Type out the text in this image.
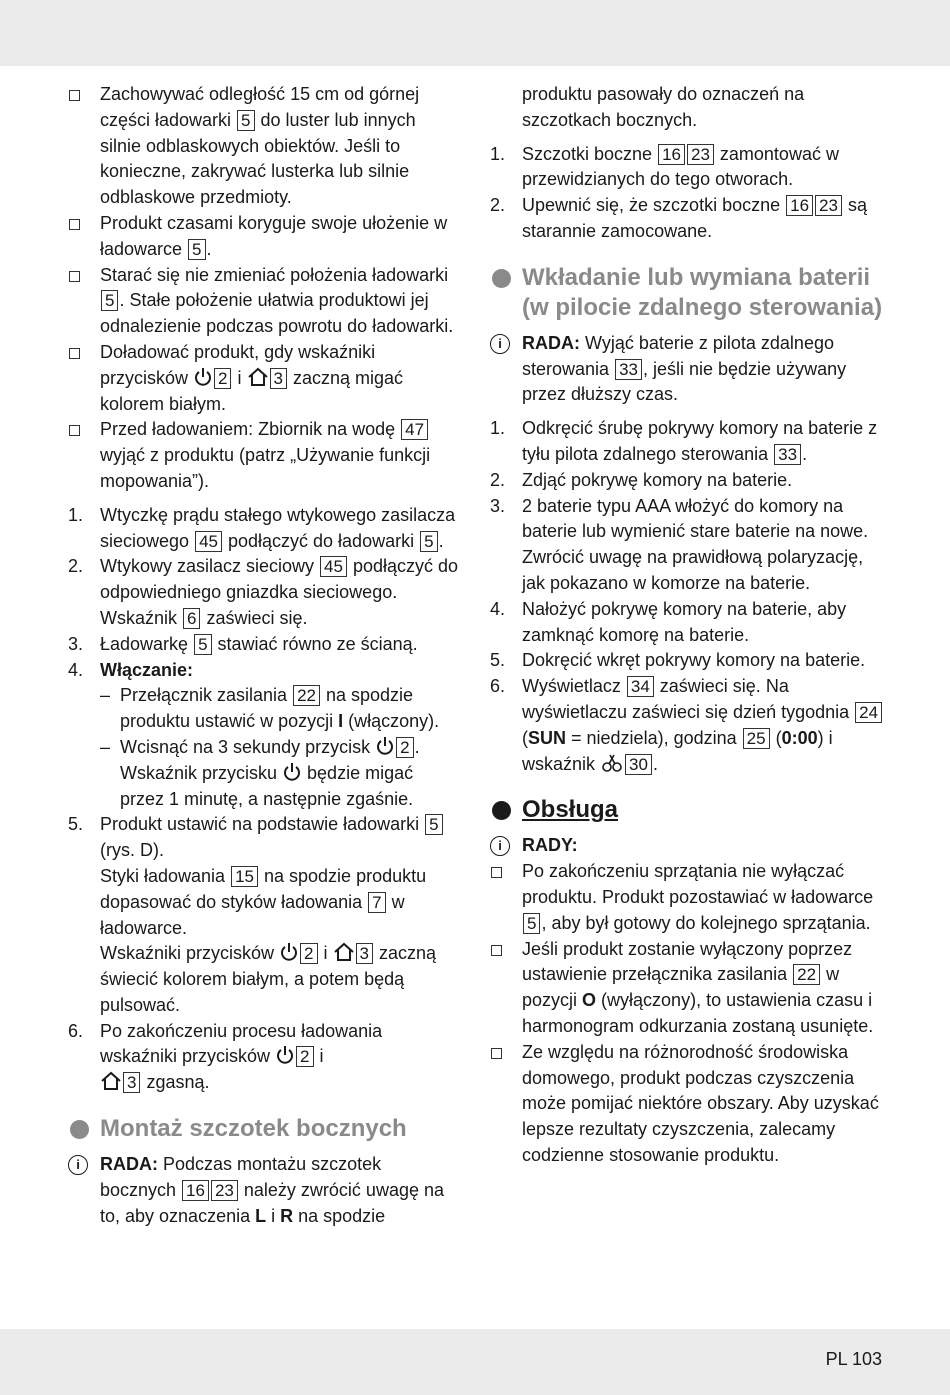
Zachowywać odległość 15 cm od górnej części ładowarki 5 do luster lub innych silnie odblaskowych obiektów. Jeśli to konieczne, zakrywać lusterka lub silnie odblaskowe przedmioty.
Produkt czasami koryguje swoje ułożenie w ładowarce 5 .
Starać się nie zmieniać położenia ładowarki 5 . Stałe położenie ułatwia produktowi jej odnalezienie podczas powrotu do ładowarki.
Doładować produkt, gdy wskaźniki przycisków 2 i 3 zaczną migać kolorem białym.
Przed ładowaniem: Zbiornik na wodę 47 wyjąć z produktu (patrz „Używanie funkcji mopowania”).
1. Wtyczkę prądu stałego wtykowego zasilacza sieciowego 45 podłączyć do ładowarki 5 .
2. Wtykowy zasilacz sieciowy 45 podłączyć do odpowiedniego gniazdka sieciowego. Wskaźnik 6 zaświeci się.
3. Ładowarkę 5 stawiać równo ze ścianą.
4. Włączanie:
– Przełącznik zasilania 22 na spodzie produktu ustawić w pozycji I (włączony).
– Wcisnąć na 3 sekundy przycisk 2 . Wskaźnik przycisku  będzie migać przez 1 minutę, a następnie zgaśnie.
5. Produkt ustawić na podstawie ładowarki 5 (rys. D).
Styki ładowania 15 na spodzie produktu dopasować do styków ładowania 7 w ładowarce.
Wskaźniki przycisków 2 i 3 zaczną świecić kolorem białym, a potem będą pulsować.
6. Po zakończeniu procesu ładowania wskaźniki przycisków 2 i
3 zgasną.
Montaż szczotek bocznych
i	RADA: Podczas montażu szczotek bocznych 16 23 należy zwrócić uwagę na to, aby oznaczenia L i R na spodzie
produktu pasowały do oznaczeń na szczotkach bocznych.
1. Szczotki boczne 16 23 zamontować w przewidzianych do tego otworach.
2. Upewnić się, że szczotki boczne 16 23 są starannie zamocowane.
Wkładanie lub wymiana baterii (w pilocie zdalnego sterowania)
i	RADA: Wyjąć baterie z pilota zdalnego sterowania 33 , jeśli nie będzie używany przez dłuższy czas.
1. Odkręcić śrubę pokrywy komory na baterie z tyłu pilota zdalnego sterowania 33 .
2. Zdjąć pokrywę komory na baterie.
3. 2 baterie typu AAA włożyć do komory na baterie lub wymienić stare baterie na nowe. Zwrócić uwagę na prawidłową polaryzację, jak pokazano w komorze na baterie.
4. Nałożyć pokrywę komory na baterie, aby zamknąć komorę na baterie.
5. Dokręcić wkręt pokrywy komory na baterie.
6. Wyświetlacz 34 zaświeci się. Na wyświetlaczu zaświeci się dzień tygodnia 24 (SUN = niedziela), godzina 25 (0:00) i wskaźnik 30 .
Obsługa
i	RADY:
Po zakończeniu sprzątania nie wyłączać produktu. Produkt pozostawiać w ładowarce 5 , aby był gotowy do kolejnego sprzątania.
Jeśli produkt zostanie wyłączony poprzez ustawienie przełącznika zasilania 22 w pozycji O (wyłączony), to ustawienia czasu i harmonogram odkurzania zostaną usunięte.
Ze względu na różnorodność środowiska domowego, produkt podczas czyszczenia może pomijać niektóre obszary. Aby uzyskać lepsze rezultaty czyszczenia, zalecamy codzienne stosowanie produktu.
PL 103
